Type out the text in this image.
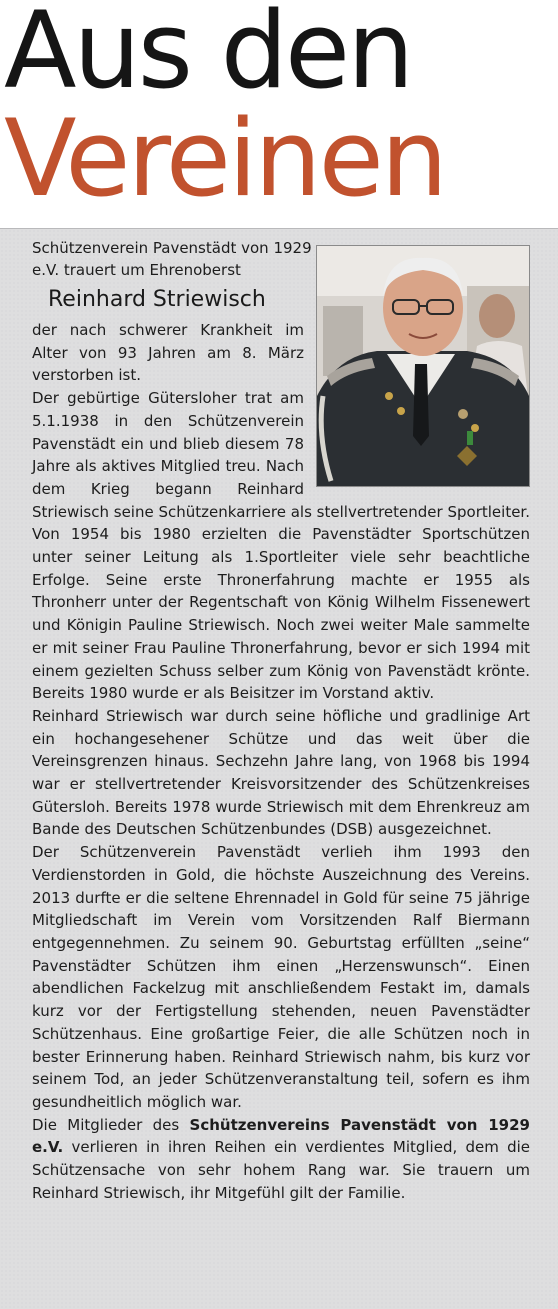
Aus den
Vereinen

Schützenverein Pavenstädt von 1929 e.V. trauert um Ehrenoberst

Reinhard Striewisch

der nach schwerer Krankheit im Alter von 93 Jahren am 8. März verstorben ist.

Der gebürtige Gütersloher trat am 5.1.1938 in den Schützenverein Pavenstädt ein und blieb diesem 78 Jahre als aktives Mitglied treu. Nach dem Krieg begann Reinhard Striewisch seine Schützenkarriere als stellvertretender Sportleiter. Von 1954 bis 1980 erzielten die Pavenstädter Sportschützen unter seiner Leitung als 1.Sportleiter viele sehr beachtliche Erfolge. Seine erste Thronerfahrung machte er 1955 als Thronherr unter der Regentschaft von König Wilhelm Fissenewert und Königin Pauline Striewisch. Noch zwei weiter Male sammelte er mit seiner Frau Pauline Thronerfahrung, bevor er sich 1994 mit einem gezielten Schuss selber zum König von Pavenstädt krönte. Bereits 1980 wurde er als Beisitzer im Vorstand aktiv.

Reinhard Striewisch war durch seine höfliche und gradlinige Art ein hochangesehener Schütze und das weit über die Vereinsgrenzen hinaus. Sechzehn Jahre lang, von 1968 bis 1994 war er stellvertretender Kreisvorsitzender des Schützenkreises Gütersloh. Bereits 1978 wurde Striewisch mit dem Ehrenkreuz am Bande des Deutschen Schützenbundes (DSB) ausgezeichnet.

Der Schützenverein Pavenstädt verlieh ihm 1993 den Verdienstorden in Gold, die höchste Auszeichnung des Vereins. 2013 durfte er die seltene Ehrennadel in Gold für seine 75 jährige Mitgliedschaft im Verein vom Vorsitzenden Ralf Biermann entgegennehmen. Zu seinem 90. Geburtstag erfüllten „seine“ Pavenstädter Schützen ihm einen „Herzenswunsch“. Einen abendlichen Fackelzug mit anschließendem Festakt im, damals kurz vor der Fertigstellung stehenden, neuen Pavenstädter Schützenhaus. Eine großartige Feier, die alle Schützen noch in bester Erinnerung haben. Reinhard Striewisch nahm, bis kurz vor seinem Tod, an jeder Schützenveranstaltung teil, sofern es ihm gesundheitlich möglich war.

Die Mitglieder des Schützenvereins Pavenstädt von 1929 e.V. verlieren in ihren Reihen ein verdientes Mitglied, dem die Schützensache von sehr hohem Rang war. Sie trauern um Reinhard Striewisch, ihr Mitgefühl gilt der Familie.
